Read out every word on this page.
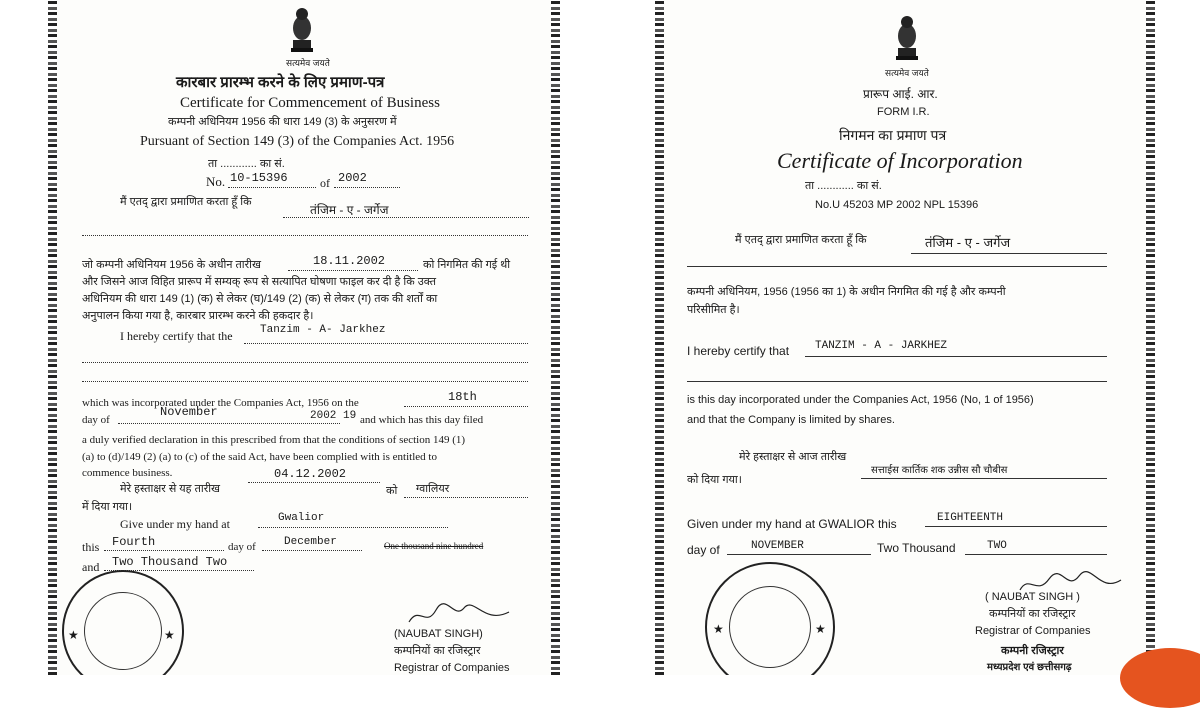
सत्यमेव जयते
कारबार प्रारम्भ करने के लिए प्रमाण-पत्र
Certificate for Commencement of Business
कम्पनी अधिनियम 1956 की धारा 149 (3) के अनुसरण में
Pursuant of Section 149 (3) of the Companies Act. 1956
ता ............ का सं.
No. 10-15396	of 2002
मैं एतद् द्वारा प्रमाणित करता हूँ कि
तंजिम - ए - जर्गेज
जो कम्पनी अधिनियम 1956 के अधीन तारीख	18.11.2002	को निगमित की गई थी
और जिसने आज विहित प्रारूप में सम्यक् रूप से सत्यापित घोषणा फाइल कर दी है कि उक्त
अधिनियम की धारा 149 (1) (क) से लेकर (घ)/149 (2) (क) से लेकर (ग) तक की शर्तों का
अनुपालन किया गया है, कारबार प्रारम्भ करने की हकदार है।
I hereby certify that the Tanzim - A- Jarkhez
which was incorporated under the Companies Act, 1956 on the	18th
day of
November	2002 19 and which has this day filed
a duly verified declaration in this prescribed from that the conditions of section 149 (1)
(a) to (d)/149 (2) (a) to (c) of the said Act, have been complied with is entitled to
commence business.
मेरे हस्ताक्षर से यह तारीख
04.12.2002
को ग्वालियर
में दिया गया।
Give under my hand at	Gwalior
this Fourth	day of	December	One thousand nine hundred
and Two Thousand Two
★
★	(NAUBAT SINGH)
कम्पनियों का रजिस्ट्रार
Registrar of Companies
सत्यमेव जयते
प्रारूप आई. आर.
FORM I.R.
निगमन का प्रमाण पत्र
Certificate of Incorporation
ता ............ का सं.
No.U 45203 MP 2002 NPL 15396
मैं एतद् द्वारा प्रमाणित करता हूँ कि	तंजिम - ए - जर्गेज
कम्पनी अधिनियम, 1956 (1956 का 1) के अधीन निगमित की गई है और कम्पनी
परिसीमित है।
I hereby certify that TANZIM - A - JARKHEZ
is this day incorporated under the Companies Act, 1956 (No, 1 of 1956)
and that the Company is limited by shares.
मेरे हस्ताक्षर से आज तारीख
सत्ताईस कार्तिक शक उन्नीस सौ चौबीस
को दिया गया।
Given under my hand at GWALIOR this	EIGHTEENTH
day of	NOVEMBER	Two Thousand	TWO
★
★
( NAUBAT SINGH )
कम्पनियों का रजिस्ट्रार
Registrar of Companies
कम्पनी रजिस्ट्रार
मध्यप्रदेश एवं छत्तीसगढ़
